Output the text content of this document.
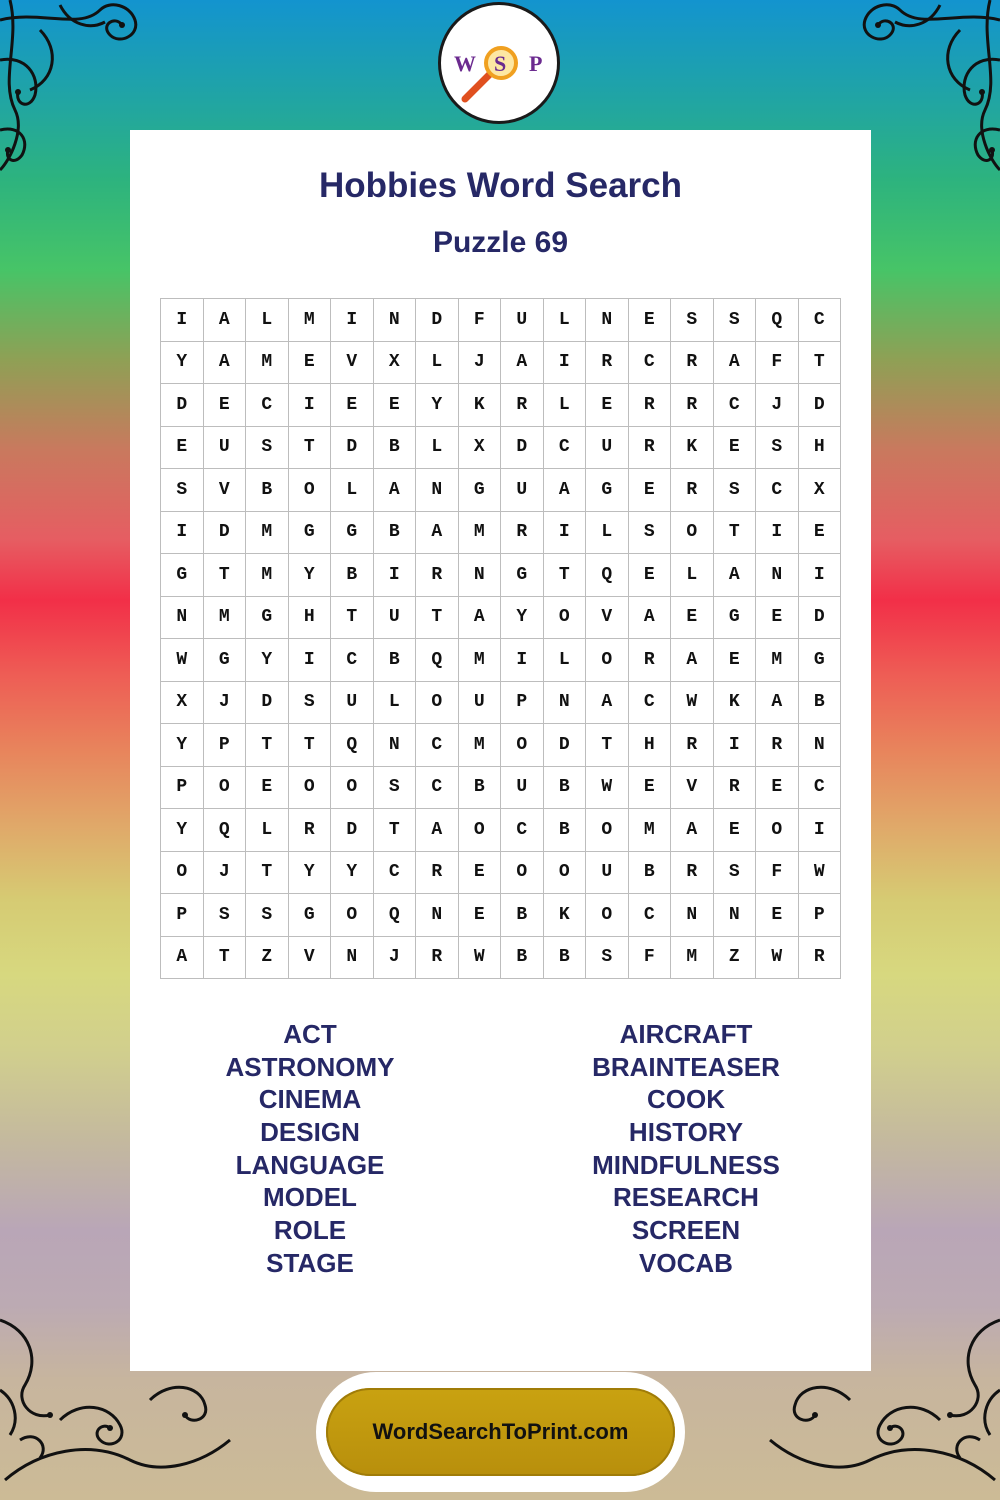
W S P
Hobbies Word Search
Puzzle 69
I	A	L	M	I	N	D	F	U	L	N	E	S	S	Q	C
Y	A	M	E	V	X	L	J	A	I	R	C	R	A	F	T
D	E	C	I	E	E	Y	K	R	L	E	R	R	C	J	D
E	U	S	T	D	B	L	X	D	C	U	R	K	E	S	H
S	V	B	O	L	A	N	G	U	A	G	E	R	S	C	X
I	D	M	G	G	B	A	M	R	I	L	S	O	T	I	E
G	T	M	Y	B	I	R	N	G	T	Q	E	L	A	N	I
N	M	G	H	T	U	T	A	Y	O	V	A	E	G	E	D
W	G	Y	I	C	B	Q	M	I	L	O	R	A	E	M	G
X	J	D	S	U	L	O	U	P	N	A	C	W	K	A	B
Y	P	T	T	Q	N	C	M	O	D	T	H	R	I	R	N
P	O	E	O	O	S	C	B	U	B	W	E	V	R	E	C
Y	Q	L	R	D	T	A	O	C	B	O	M	A	E	O	I
O	J	T	Y	Y	C	R	E	O	O	U	B	R	S	F	W
P	S	S	G	O	Q	N	E	B	K	O	C	N	N	E	P
A	T	Z	V	N	J	R	W	B	B	S	F	M	Z	W	R
ACT
ASTRONOMY
CINEMA
DESIGN
LANGUAGE
MODEL
ROLE
STAGE
AIRCRAFT
BRAINTEASER
COOK
HISTORY
MINDFULNESS
RESEARCH
SCREEN
VOCAB
WordSearchToPrint.com
